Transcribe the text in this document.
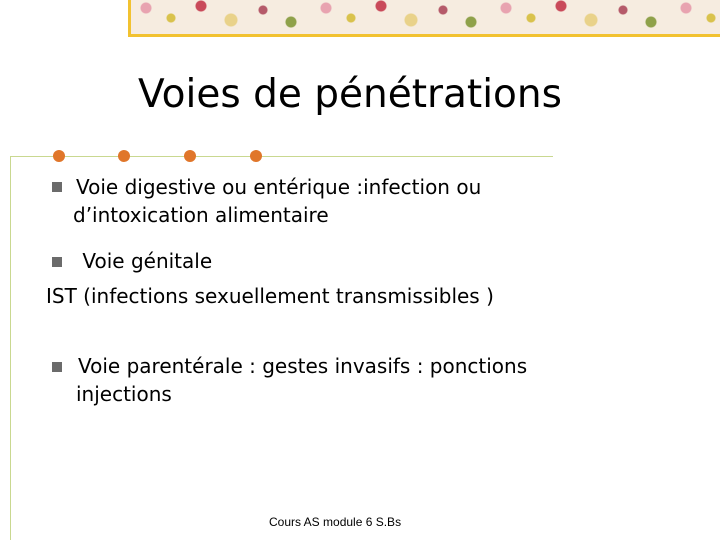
Voies de pénétrations
Voie digestive ou entérique :infection ou
d’intoxication alimentaire
Voie génitale
IST (infections sexuellement transmissibles )
Voie parentérale : gestes invasifs : ponctions
injections
Cours AS module 6 S.Bs
